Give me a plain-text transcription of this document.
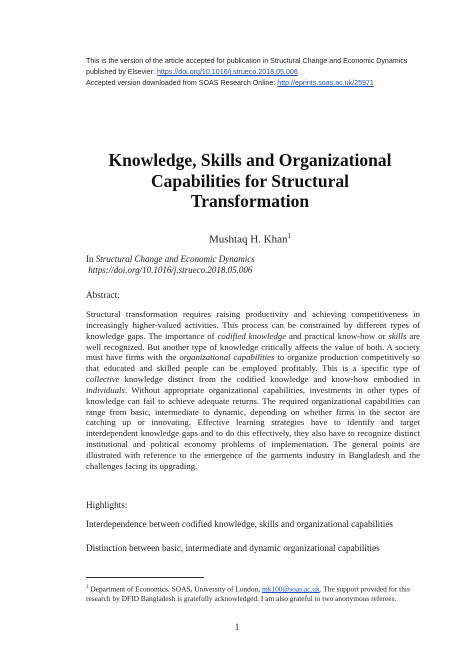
This is the version of the article accepted for publication in Structural Change and Economic Dynamics
published by Elsevier: https://doi.org/10.1016/j.strueco.2018.05.006
Accepted version downloaded from SOAS Research Online: http://eprints.soas.ac.uk/25971
Knowledge, Skills and Organizational
Capabilities for Structural
Transformation
Mushtaq H. Khan$^1$
In Structural Change and Economic Dynamics
https://doi.org/10.1016/j.strueco.2018.05.006
Abstract:
Structural transformation requires raising productivity and achieving competitiveness in increasingly higher-valued activities. This process can be constrained by different types of knowledge gaps. The importance of codified knowledge and practical know-how or skills are well recognized. But another type of knowledge critically affects the value of both. A society must have firms with the organizational capabilities to organize production competitively so that educated and skilled people can be employed profitably. This is a specific type of collective knowledge distinct from the codified knowledge and know-how embodied in individuals. Without appropriate organizational capabilities, investments in other types of knowledge can fail to achieve adequate returns. The required organizational capabilities can range from basic, intermediate to dynamic, depending on whether firms in the sector are catching up or innovating. Effective learning strategies have to identify and target interdependent knowledge gaps and to do this effectively, they also have to recognize distinct institutional and political economy problems of implementation. The general points are illustrated with reference to the emergence of the garments industry in Bangladesh and the challenges facing its upgrading.
Highlights:
Interdependence between codified knowledge, skills and organizational capabilities
Distinction between basic, intermediate and dynamic organizational capabilities
$^1$ Department of Economics, SOAS, University of London, mk100@soas.ac.uk. The support provided for this research by DFID Bangladesh is gratefully acknowledged. I am also grateful to two anonymous referees.
1
